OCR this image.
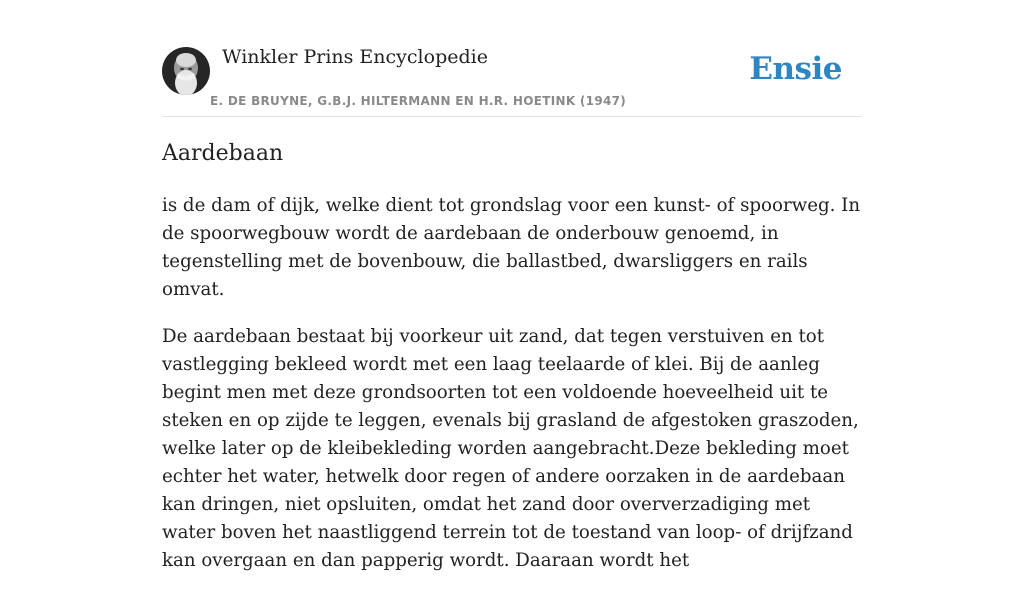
Winkler Prins Encyclopedie
E. DE BRUYNE, G.B.J. HILTERMANN EN H.R. HOETINK (1947)
Ensie
Aardebaan

is de dam of dijk, welke dient tot grondslag voor een kunst- of spoorweg. In de spoorwegbouw wordt de aardebaan de onderbouw genoemd, in tegenstelling met de bovenbouw, die ballastbed, dwarsliggers en rails omvat.

De aardebaan bestaat bij voorkeur uit zand, dat tegen verstuiven en tot vastlegging bekleed wordt met een laag teelaarde of klei. Bij de aanleg begint men met deze grondsoorten tot een voldoende hoeveelheid uit te steken en op zijde te leggen, evenals bij grasland de afgestoken graszoden, welke later op de kleibekleding worden aangebracht.Deze bekleding moet echter het water, hetwelk door regen of andere oorzaken in de aardebaan kan dringen, niet opsluiten, omdat het zand door oververzadiging met water boven het naastliggend terrein tot de toestand van loop- of drijfzand kan overgaan en dan papperig wordt. Daaraan wordt het
